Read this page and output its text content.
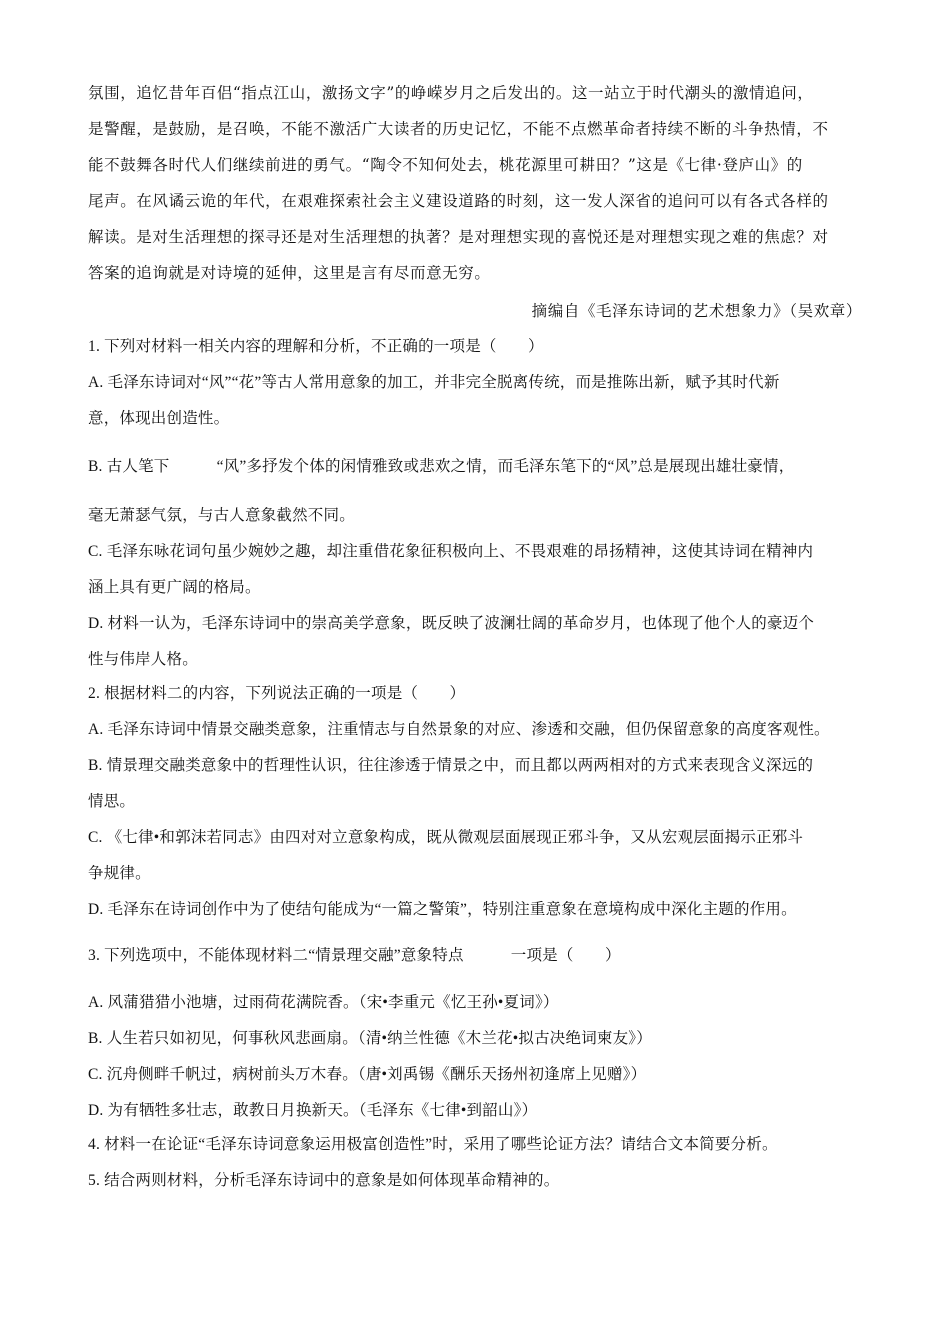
氛围，追忆昔年百侣“指点江山，激扬文字”的峥嵘岁月之后发出的。这一站立于时代潮头的激情追问，
是警醒，是鼓励，是召唤，不能不激活广大读者的历史记忆，不能不点燃革命者持续不断的斗争热情，不
能不鼓舞各时代人们继续前进的勇气。“陶令不知何处去，桃花源里可耕田？”这是《七律·登庐山》的
尾声。在风谲云诡的年代，在艰难探索社会主义建设道路的时刻，这一发人深省的追问可以有各式各样的
解读。是对生活理想的探寻还是对生活理想的执著？是对理想实现的喜悦还是对理想实现之难的焦虑？对
答案的追询就是对诗境的延伸，这里是言有尽而意无穷。
摘编自《毛泽东诗词的艺术想象力》（吴欢章）
1. 下列对材料一相关内容的理解和分析，不正确的一项是（　　）
A. 毛泽东诗词对“风”“花”等古人常用意象的加工，并非完全脱离传统，而是推陈出新，赋予其时代新
意，体现出创造性。
B. 古人笔下　　　“风”多抒发个体的闲情雅致或悲欢之情，而毛泽东笔下的“风”总是展现出雄壮豪情，
毫无萧瑟气氛，与古人意象截然不同。
C. 毛泽东咏花词句虽少婉妙之趣，却注重借花象征积极向上、不畏艰难的昂扬精神，这使其诗词在精神内
涵上具有更广阔的格局。
D. 材料一认为，毛泽东诗词中的崇高美学意象，既反映了波澜壮阔的革命岁月，也体现了他个人的豪迈个
性与伟岸人格。
2. 根据材料二的内容，下列说法正确的一项是（　　）
A. 毛泽东诗词中情景交融类意象，注重情志与自然景象的对应、渗透和交融，但仍保留意象的高度客观性。
B. 情景理交融类意象中的哲理性认识，往往渗透于情景之中，而且都以两两相对的方式来表现含义深远的
情思。
C. 《七律•和郭沫若同志》由四对对立意象构成，既从微观层面展现正邪斗争，又从宏观层面揭示正邪斗
争规律。
D. 毛泽东在诗词创作中为了使结句能成为“一篇之警策”，特别注重意象在意境构成中深化主题的作用。
3. 下列选项中，不能体现材料二“情景理交融”意象特点　　　一项是（　　）
A. 风蒲猎猎小池塘，过雨荷花满院香。（宋•李重元《忆王孙•夏词》）
B. 人生若只如初见，何事秋风悲画扇。（清•纳兰性德《木兰花•拟古决绝词柬友》）
C. 沉舟侧畔千帆过，病树前头万木春。（唐•刘禹锡《酬乐天扬州初逢席上见赠》）
D. 为有牺牲多壮志，敢教日月换新天。（毛泽东《七律•到韶山》）
4. 材料一在论证“毛泽东诗词意象运用极富创造性”时，采用了哪些论证方法？请结合文本简要分析。
5. 结合两则材料，分析毛泽东诗词中的意象是如何体现革命精神的。
